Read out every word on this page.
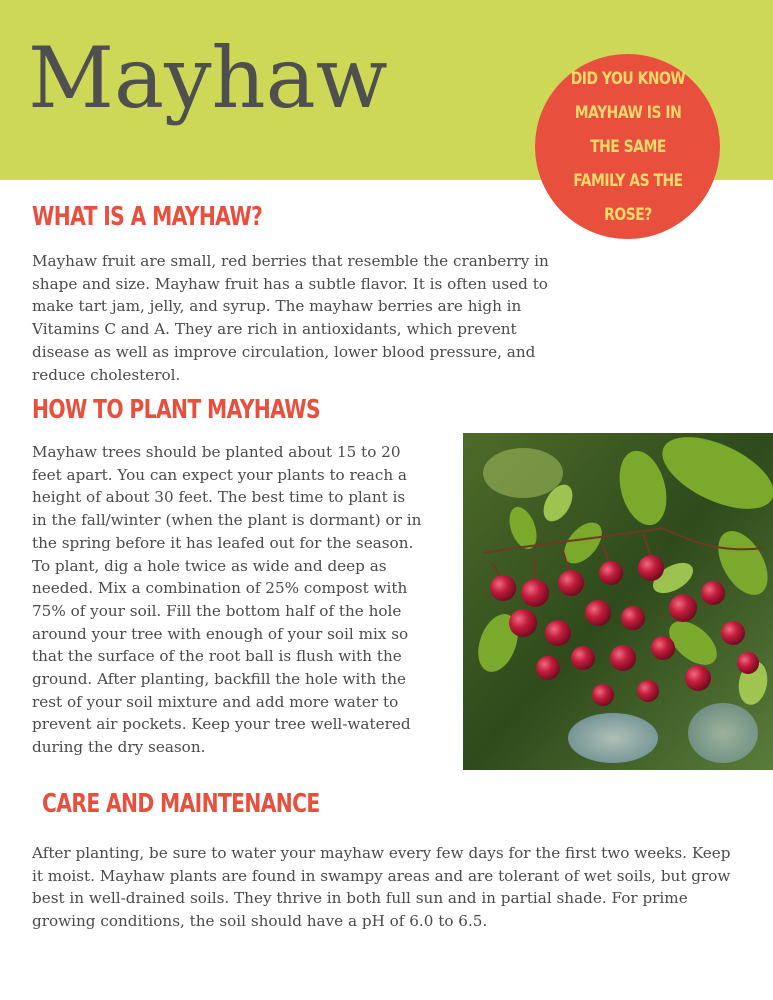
Mayhaw	DID YOU KNOW MAYHAW IS IN THE SAME FAMILY AS THE ROSE?
WHAT IS A MAYHAW?

Mayhaw fruit are small, red berries that resemble the cranberry in shape and size. Mayhaw fruit has a subtle flavor. It is often used to make tart jam, jelly, and syrup. The mayhaw berries are high in Vitamins C and A. They are rich in antioxidants, which prevent disease as well as improve circulation, lower blood pressure, and reduce cholesterol.

HOW TO PLANT MAYHAWS

Mayhaw trees should be planted about 15 to 20 feet apart. You can expect your plants to reach a height of about 30 feet. The best time to plant is in the fall/winter (when the plant is dormant) or in the spring before it has leafed out for the season. To plant, dig a hole twice as wide and deep as needed. Mix a combination of 25% compost with 75% of your soil. Fill the bottom half of the hole around your tree with enough of your soil mix so that the surface of the root ball is flush with the ground. After planting, backfill the hole with the rest of your soil mixture and add more water to prevent air pockets. Keep your tree well-watered during the dry season.

CARE AND MAINTENANCE

After planting, be sure to water your mayhaw every few days for the first two weeks. Keep it moist. Mayhaw plants are found in swampy areas and are tolerant of wet soils, but grow best in well-drained soils. They thrive in both full sun and in partial shade. For prime growing conditions, the soil should have a pH of 6.0 to 6.5.
